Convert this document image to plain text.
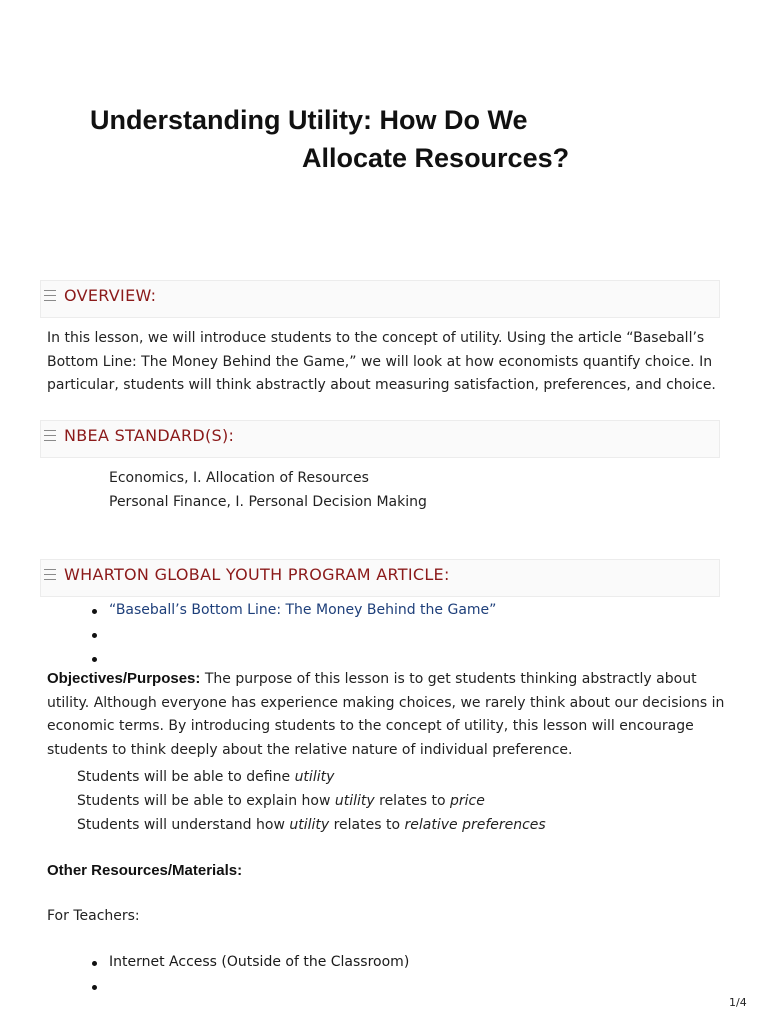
Understanding Utility: How Do We
Allocate Resources?
OVERVIEW:
In this lesson, we will introduce students to the concept of utility. Using the article “Baseball’s Bottom Line: The Money Behind the Game,” we will look at how economists quantify choice. In particular, students will think abstractly about measuring satisfaction, preferences, and choice.
NBEA STANDARD(S):
Economics, I. Allocation of Resources
Personal Finance, I. Personal Decision Making
WHARTON GLOBAL YOUTH PROGRAM ARTICLE:
“Baseball’s Bottom Line: The Money Behind the Game”
Objectives/Purposes: The purpose of this lesson is to get students thinking abstractly about utility. Although everyone has experience making choices, we rarely think about our decisions in economic terms. By introducing students to the concept of utility, this lesson will encourage students to think deeply about the relative nature of individual preference.
Students will be able to define utility
Students will be able to explain how utility relates to price
Students will understand how utility relates to relative preferences
Other Resources/Materials:
For Teachers:
Internet Access (Outside of the Classroom)
1/4
